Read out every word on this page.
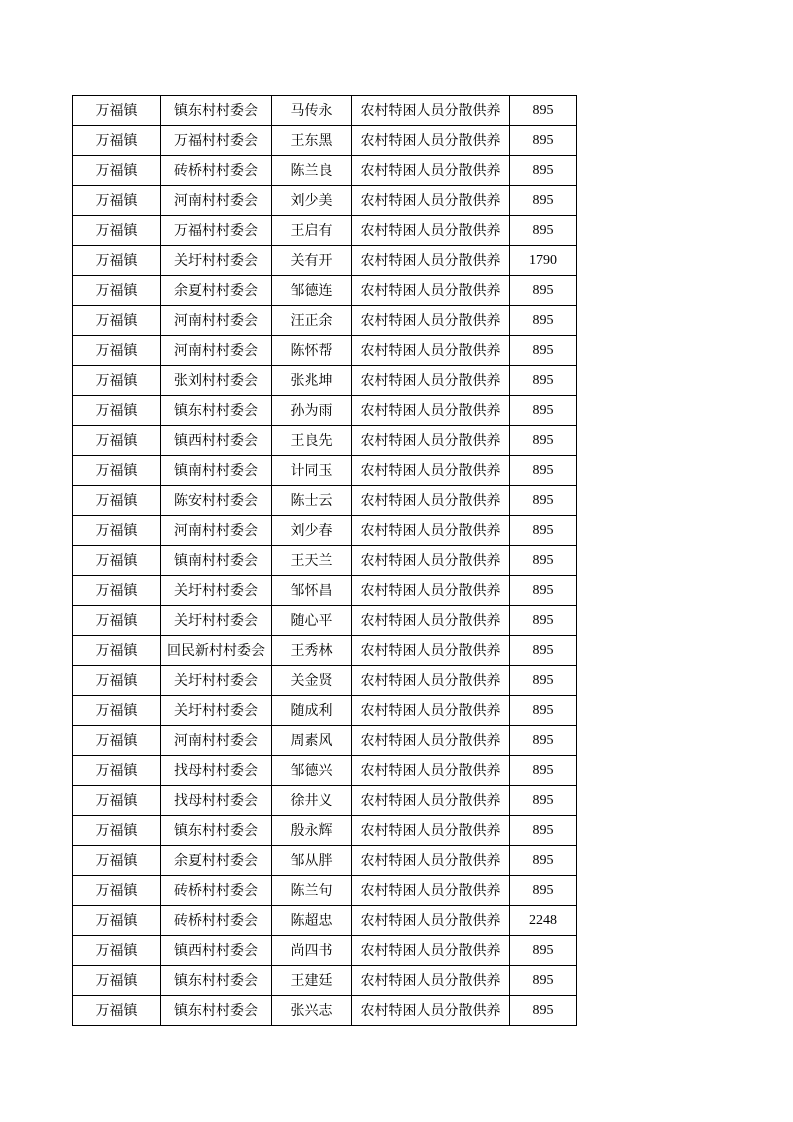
万福镇	镇东村村委会	马传永	农村特困人员分散供养	895
万福镇	万福村村委会	王东黑	农村特困人员分散供养	895
万福镇	砖桥村村委会	陈兰良	农村特困人员分散供养	895
万福镇	河南村村委会	刘少美	农村特困人员分散供养	895
万福镇	万福村村委会	王启有	农村特困人员分散供养	895
万福镇	关圩村村委会	关有开	农村特困人员分散供养	1790
万福镇	余夏村村委会	邹德连	农村特困人员分散供养	895
万福镇	河南村村委会	汪正余	农村特困人员分散供养	895
万福镇	河南村村委会	陈怀帮	农村特困人员分散供养	895
万福镇	张刘村村委会	张兆坤	农村特困人员分散供养	895
万福镇	镇东村村委会	孙为雨	农村特困人员分散供养	895
万福镇	镇西村村委会	王良先	农村特困人员分散供养	895
万福镇	镇南村村委会	计同玉	农村特困人员分散供养	895
万福镇	陈安村村委会	陈士云	农村特困人员分散供养	895
万福镇	河南村村委会	刘少春	农村特困人员分散供养	895
万福镇	镇南村村委会	王天兰	农村特困人员分散供养	895
万福镇	关圩村村委会	邹怀昌	农村特困人员分散供养	895
万福镇	关圩村村委会	随心平	农村特困人员分散供养	895
万福镇	回民新村村委会	王秀林	农村特困人员分散供养	895
万福镇	关圩村村委会	关金贤	农村特困人员分散供养	895
万福镇	关圩村村委会	随成利	农村特困人员分散供养	895
万福镇	河南村村委会	周素风	农村特困人员分散供养	895
万福镇	找母村村委会	邹德兴	农村特困人员分散供养	895
万福镇	找母村村委会	徐井义	农村特困人员分散供养	895
万福镇	镇东村村委会	殷永辉	农村特困人员分散供养	895
万福镇	余夏村村委会	邹从胖	农村特困人员分散供养	895
万福镇	砖桥村村委会	陈兰句	农村特困人员分散供养	895
万福镇	砖桥村村委会	陈超忠	农村特困人员分散供养	2248
万福镇	镇西村村委会	尚四书	农村特困人员分散供养	895
万福镇	镇东村村委会	王建廷	农村特困人员分散供养	895
万福镇	镇东村村委会	张兴志	农村特困人员分散供养	895
